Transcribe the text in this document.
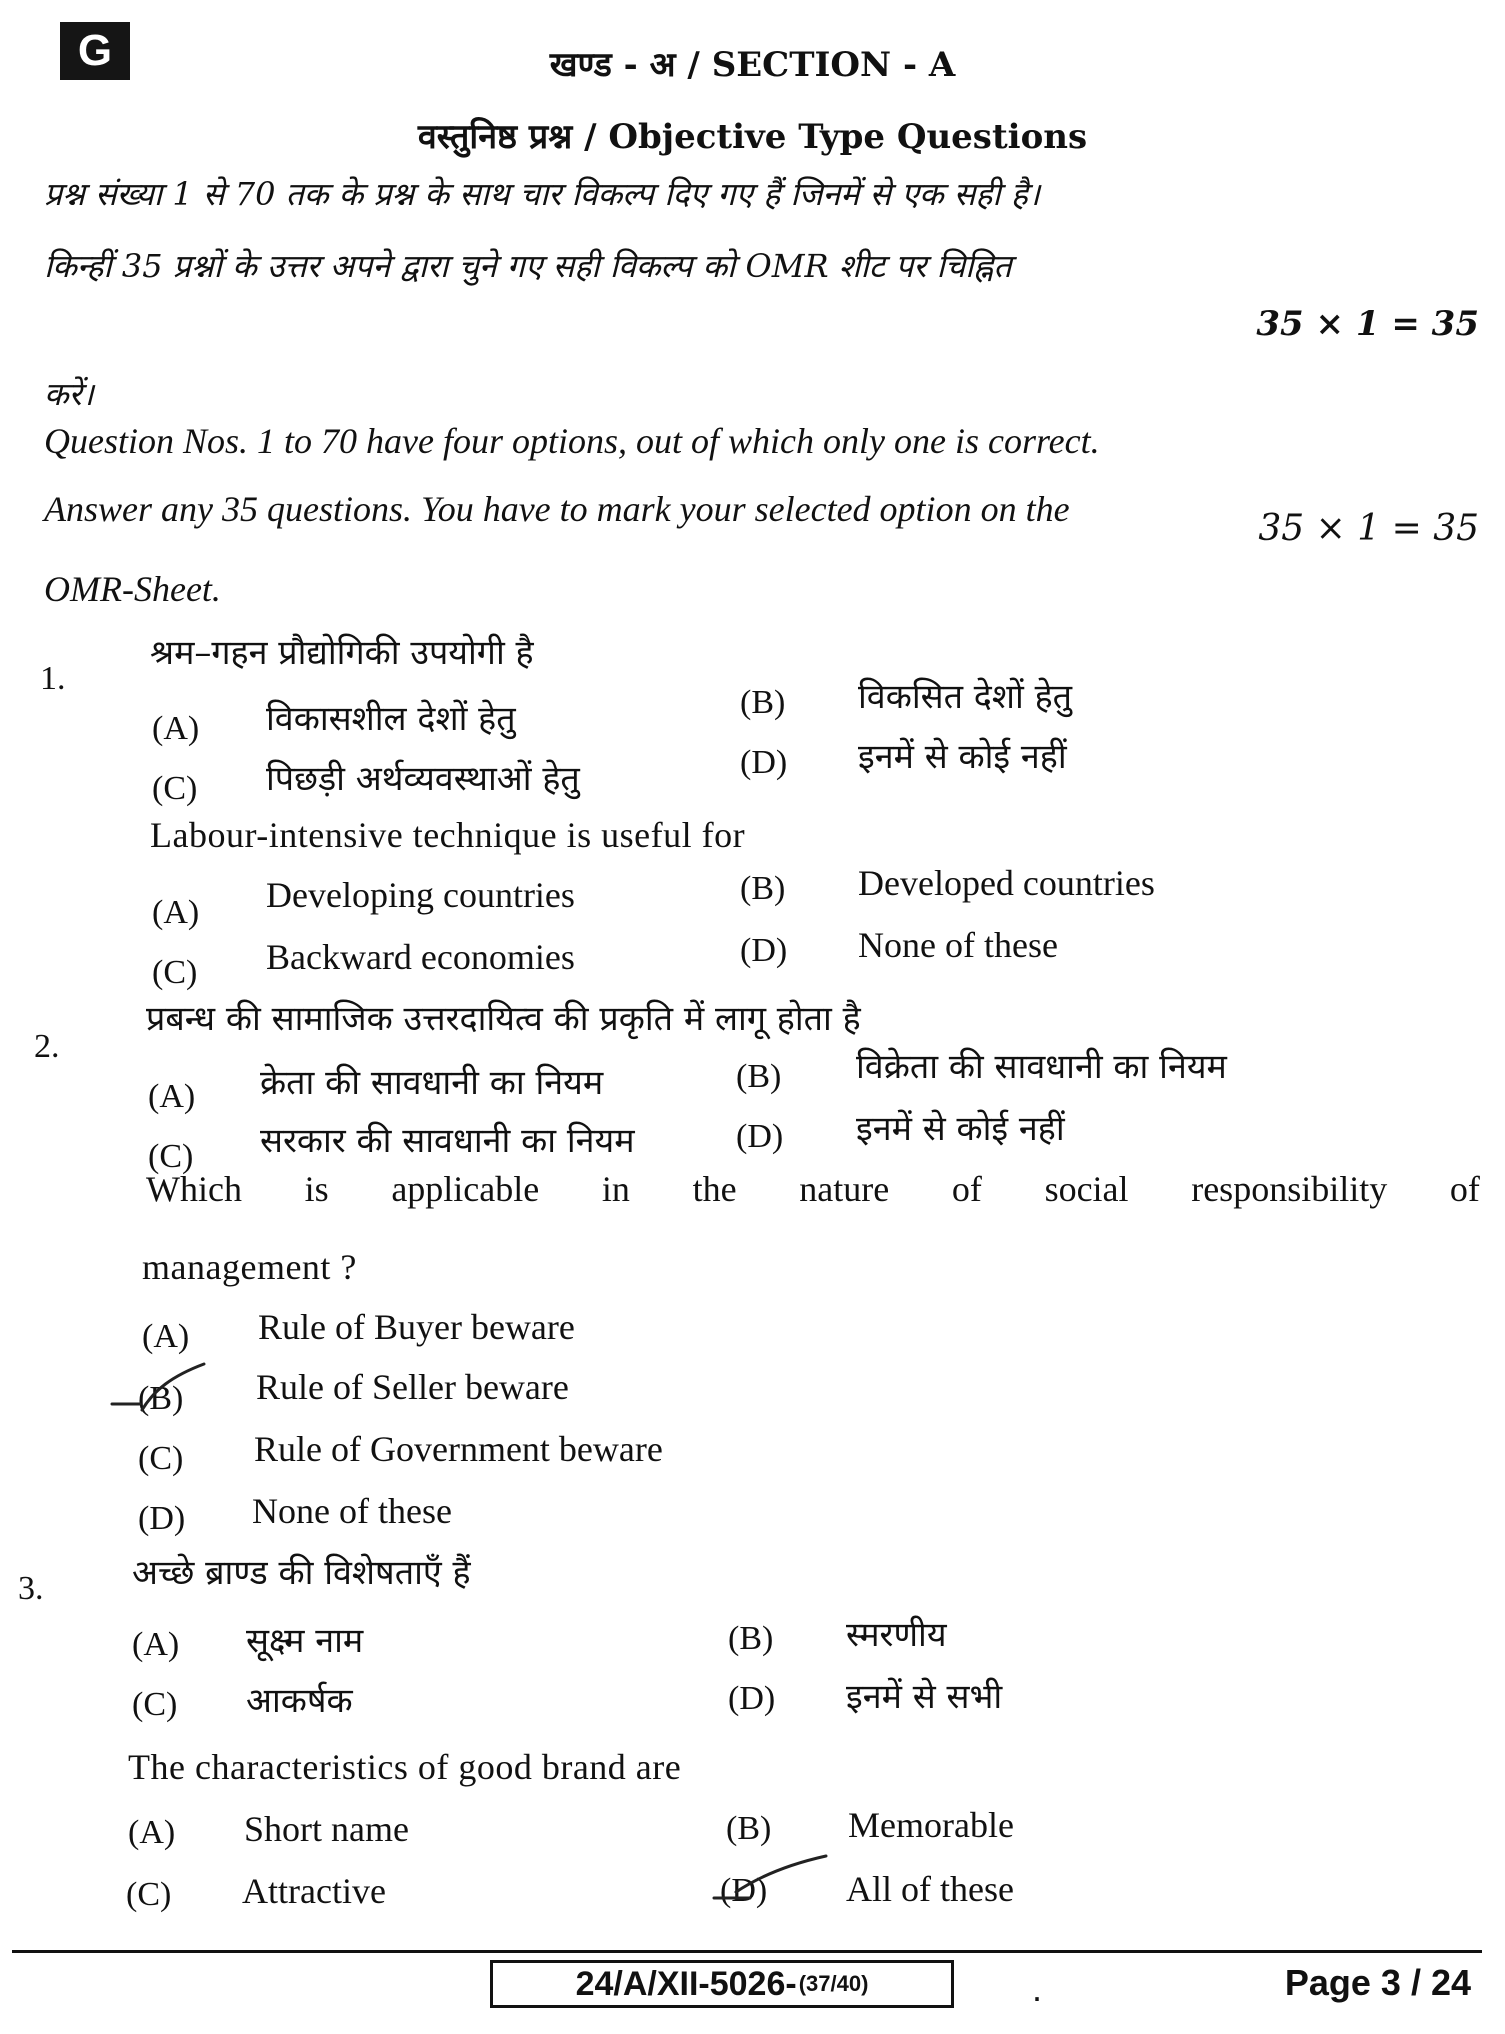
G	खण्ड - अ / SECTION - A
वस्तुनिष्ठ प्रश्न / Objective Type Questions
प्रश्न संख्या 1 से 70 तक के प्रश्न के साथ चार विकल्प दिए गए हैं जिनमें से एक सही है।
किन्हीं 35 प्रश्नों के उत्तर अपने द्वारा चुने गए सही विकल्प को OMR शीट पर चिह्नित
35 × 1 = 35
करें।
Question Nos. 1 to 70 have four options, out of which only one is correct.
Answer any 35 questions. You have to mark your selected option on the	35 × 1 = 35
OMR-Sheet.
1.
श्रम–गहन प्रौद्योगिकी उपयोगी है
(A) विकासशील देशों हेतु	(B) विकसित देशों हेतु
(C) पिछड़ी अर्थव्यवस्थाओं हेतु	(D) इनमें से कोई नहीं
Labour-intensive technique is useful for
(A) Developing countries	(B) Developed countries
(C) Backward economies	(D) None of these
2.
प्रबन्ध की सामाजिक उत्तरदायित्व की प्रकृति में लागू होता है
(A) क्रेता की सावधानी का नियम	(B) विक्रेता की सावधानी का नियम
(C) सरकार की सावधानी का नियम	(D) इनमें से कोई नहीं
Which is applicable in the nature of social responsibility of
management ?
(A) Rule of Buyer beware
(B) Rule of Seller beware
(C) Rule of Government beware
(D) None of these
3.	अच्छे ब्राण्ड की विशेषताएँ हैं
(A) सूक्ष्म नाम	(B) स्मरणीय
(C) आकर्षक	(D) इनमें से सभी
The characteristics of good brand are
(A) Short name	(B) Memorable
(C) Attractive	(D) All of these
24/A/XII-5026- (37/40)	.	Page 3 / 24
